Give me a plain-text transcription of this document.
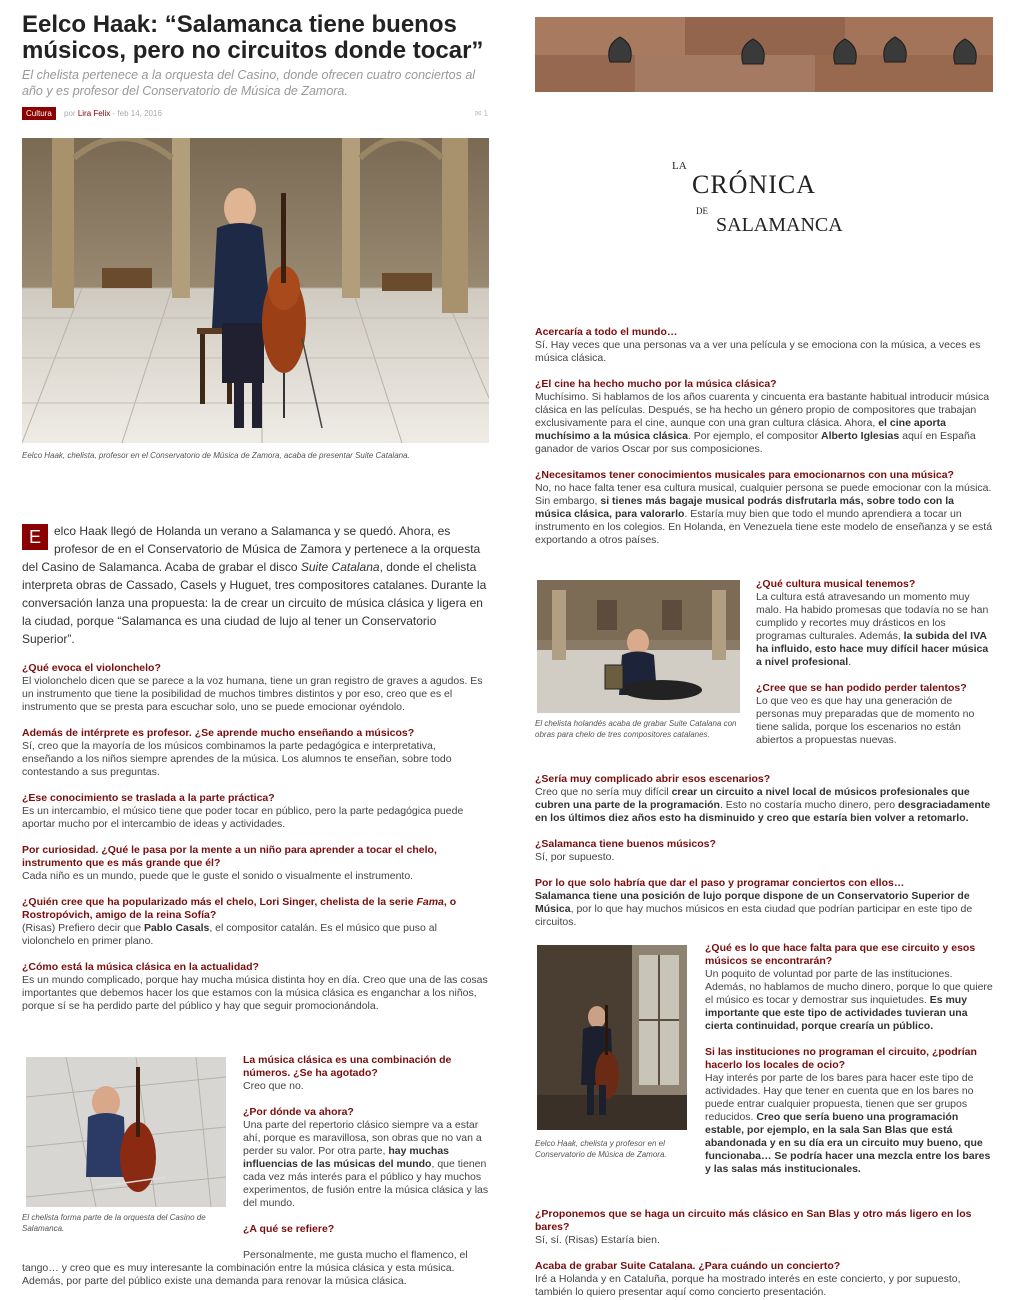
Eelco Haak: “Salamanca tiene buenos músicos, pero no circuitos donde tocar”

El chelista pertenece a la orquesta del Casino, donde ofrecen cuatro conciertos al año y es profesor del Conservatorio de Música de Zamora.

Cultura por Lira Felix - feb 14, 2016	✉ 1

Eelco Haak, chelista, profesor en el Conservatorio de Música de Zamora, acaba de presentar Suite Catalana.

E	elco Haak llegó de Holanda un verano a Salamanca y se quedó. Ahora, es profesor de en el Conservatorio de Música de Zamora y pertenece a la orquesta del Casino de Salamanca. Acaba de grabar el disco Suite Catalana, donde el chelista interpreta obras de Cassado, Casels y Huguet, tres compositores catalanes. Durante la conversación lanza una propuesta: la de crear un circuito de música clásica y ligera en la ciudad, porque “Salamanca es una ciudad de lujo al tener un Conservatorio Superior”.

¿Qué evoca el violonchelo?

El violonchelo dicen que se parece a la voz humana, tiene un gran registro de graves a agudos. Es un instrumento que tiene la posibilidad de muchos timbres distintos y por eso, creo que es el instrumento que se presta para escuchar solo, uno se puede emocionar oyéndolo.

Además de intérprete es profesor. ¿Se aprende mucho enseñando a músicos?

Sí, creo que la mayoría de los músicos combinamos la parte pedagógica e interpretativa, enseñando a los niños siempre aprendes de la música. Los alumnos te enseñan, sobre todo contestando a sus preguntas.

¿Ese conocimiento se traslada a la parte práctica?

Es un intercambio, el músico tiene que poder tocar en público, pero la parte pedagógica puede aportar mucho por el intercambio de ideas y actividades.

Por curiosidad. ¿Qué le pasa por la mente a un niño para aprender a tocar el chelo, instrumento que es más grande que él?

Cada niño es un mundo, puede que le guste el sonido o visualmente el instrumento.

¿Quién cree que ha popularizado más el chelo, Lori Singer, chelista de la serie Fama, o Rostropóvich, amigo de la reina Sofía?

(Risas) Prefiero decir que Pablo Casals, el compositor catalán. Es el músico que puso al violonchelo en primer plano.

¿Cómo está la música clásica en la actualidad?

Es un mundo complicado, porque hay mucha música distinta hoy en día. Creo que una de las cosas importantes que debemos hacer los que estamos con la música clásica es enganchar a los niños, porque sí se ha perdido parte del público y hay que seguir promocionándola.

El chelista forma parte de la orquesta del Casino de Salamanca.

La música clásica es una combinación de números. ¿Se ha agotado?

Creo que no.

¿Por dónde va ahora?

Una parte del repertorio clásico siempre va a estar ahí, porque es maravillosa, son obras que no van a perder su valor. Por otra parte, hay muchas influencias de las músicas del mundo, que tienen cada vez más interés para el público y hay muchos experimentos, de fusión entre la música clásica y las del mundo.

¿A qué se refiere?

Personalmente, me gusta mucho el flamenco, el tango… y creo que es muy interesante la combinación entre la música clásica y esta música. Además, por parte del público existe una demanda para renovar la música clásica.

LA
CRÓNICA
DE
SALAMANCA

Acercaría a todo el mundo…

Sí. Hay veces que una personas va a ver una película y se emociona con la música, a veces es música clásica.

¿El cine ha hecho mucho por la música clásica?

Muchísimo. Si hablamos de los años cuarenta y cincuenta era bastante habitual introducir música clásica en las películas. Después, se ha hecho un género propio de compositores que trabajan exclusivamente para el cine, aunque con una gran cultura clásica. Ahora, el cine aporta muchísimo a la música clásica. Por ejemplo, el compositor Alberto Iglesias aquí en España ganador de varios Oscar por sus composiciones.

¿Necesitamos tener conocimientos musicales para emocionarnos con una música?

No, no hace falta tener esa cultura musical, cualquier persona se puede emocionar con la música. Sin embargo, si tienes más bagaje musical podrás disfrutarla más, sobre todo con la música clásica, para valorarlo. Estaría muy bien que todo el mundo aprendiera a tocar un instrumento en los colegios. En Holanda, en Venezuela tiene este modelo de enseñanza y se está exportando a otros países.

El chelista holandés acaba de grabar Suite Catalana con obras para chelo de tres compositores catalanes.

¿Qué cultura musical tenemos?

La cultura está atravesando un momento muy malo. Ha habido promesas que todavía no se han cumplido y recortes muy drásticos en los programas culturales. Además, la subida del IVA ha influido, esto hace muy difícil hacer música a nivel profesional.

¿Cree que se han podido perder talentos?

Lo que veo es que hay una generación de personas muy preparadas que de momento no tiene salida, porque los escenarios no están abiertos a propuestas nuevas.

¿Sería muy complicado abrir esos escenarios?

Creo que no sería muy difícil crear un circuito a nivel local de músicos profesionales que cubren una parte de la programación. Esto no costaría mucho dinero, pero desgraciadamente en los últimos diez años esto ha disminuido y creo que estaría bien volver a retomarlo.

¿Salamanca tiene buenos músicos?

Sí, por supuesto.

Por lo que solo habría que dar el paso y programar conciertos con ellos…

Salamanca tiene una posición de lujo porque dispone de un Conservatorio Superior de Música, por lo que hay muchos músicos en esta ciudad que podrían participar en este tipo de circuitos.

Eelco Haak, chelista y profesor en el Conservatorio de Música de Zamora.

¿Qué es lo que hace falta para que ese circuito y esos músicos se encontrarán?

Un poquito de voluntad por parte de las instituciones. Además, no hablamos de mucho dinero, porque lo que quiere el músico es tocar y demostrar sus inquietudes. Es muy importante que este tipo de actividades tuvieran una cierta continuidad, porque crearía un público.

Si las instituciones no programan el circuito, ¿podrían hacerlo los locales de ocio?

Hay interés por parte de los bares para hacer este tipo de actividades. Hay que tener en cuenta que en los bares no puede entrar cualquier propuesta, tienen que ser grupos reducidos. Creo que sería bueno una programación estable, por ejemplo, en la sala San Blas que está abandonada y en su día era un circuito muy bueno, que funcionaba… Se podría hacer una mezcla entre los bares y las salas más institucionales.

¿Proponemos que se haga un circuito más clásico en San Blas y otro más ligero en los bares?

Sí, sí. (Risas) Estaría bien.

Acaba de grabar Suite Catalana. ¿Para cuándo un concierto?

Iré a Holanda y en Cataluña, porque ha mostrado interés en este concierto, y por supuesto, también lo quiero presentar aquí como concierto presentación.
